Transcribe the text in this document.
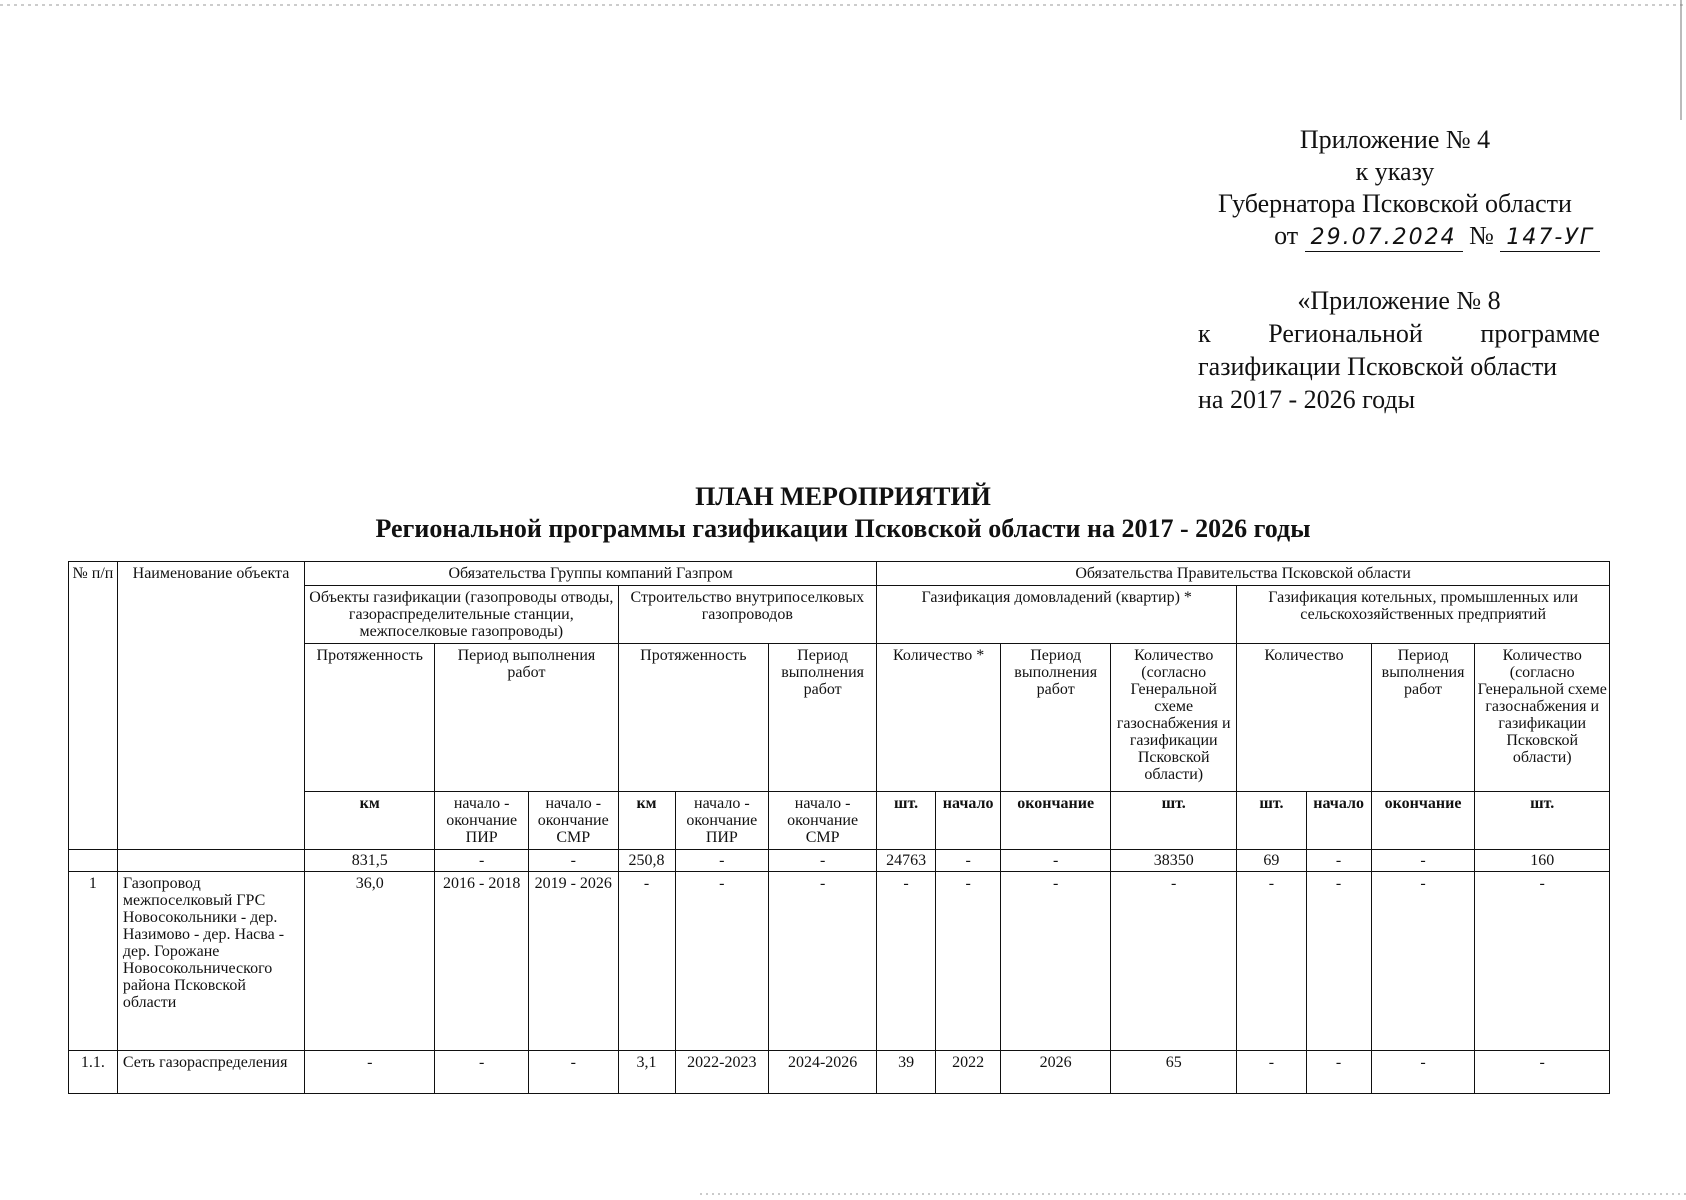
Приложение № 4
к указу
Губернатора Псковской области
от 29.07.2024 № 147-УГ
«Приложение № 8
к Региональной программе
газификации Псковской области
на 2017 - 2026 годы
ПЛАН МЕРОПРИЯТИЙ
Региональной программы газификации Псковской области на 2017 - 2026 годы
№ п/п	Наименование объекта	Обязательства Группы компаний Газпром						Обязательства Правительства Псковской области							
		Объекты газификации (газопроводы отводы, газораспределительные станции, межпоселковые газопроводы)			Строительство внутрипоселковых газопроводов			Газификация домовладений (квартир) *				Газификация котельных, промышленных или сельскохозяйственных предприятий			
		Протяженность	Период выполнения работ		Протяженность		Период выполнения работ	Количество *		Период выполнения работ	Количество (согласно Генеральной схеме газоснабжения и газификации Псковской области)	Количество		Период выполнения работ	Количество (согласно Генеральной схеме газоснабжения и газификации Псковской области)
		км	начало - окончание ПИР	начало - окончание СМР	км	начало - окончание ПИР	начало - окончание СМР	шт.	начало	окончание	шт.	шт.	начало	окончание	шт.
		831,5	-	-	250,8	-	-	24763	-	-	38350	69	-	-	160
1	Газопровод межпоселковый ГРС Новосокольники - дер. Назимово - дер. Насва - дер. Горожане Новосокольнического района Псковской области	36,0	2016 - 2018	2019 - 2026	-	-	-	-	-	-	-	-	-	-	-
1.1.	Сеть газораспределения	-	-	-	3,1	2022-2023	2024-2026	39	2022	2026	65	-	-	-	-
